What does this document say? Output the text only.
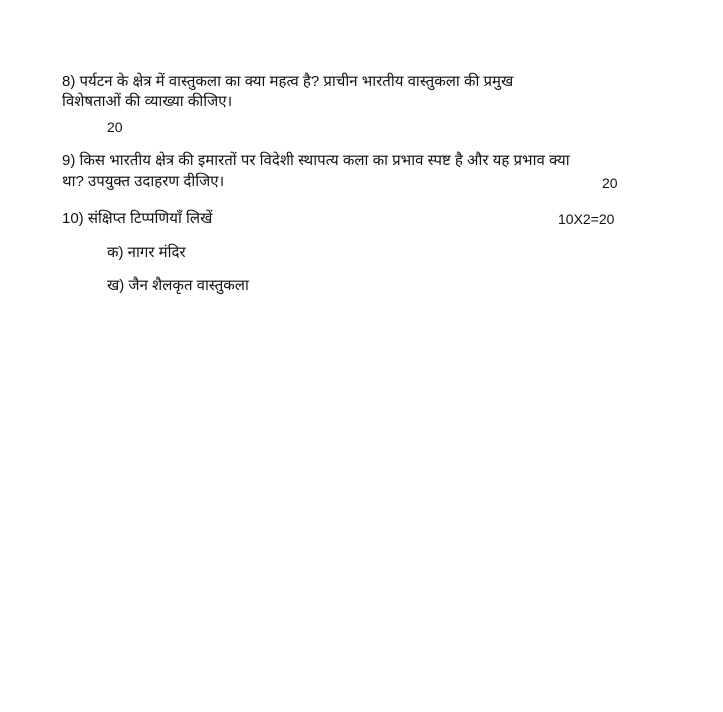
8) पर्यटन के क्षेत्र में वास्तुकला का क्या महत्व है? प्राचीन भारतीय वास्तुकला की प्रमुख
विशेषताओं की व्याख्या कीजिए।
20
9) किस भारतीय क्षेत्र की इमारतों पर विदेशी स्थापत्य कला का प्रभाव स्पष्ट है और यह प्रभाव क्या
था? उपयुक्त उदाहरण दीजिए।	20
10) संक्षिप्त टिप्पणियाँ लिखें	10X2=20
क) नागर मंदिर
ख) जैन शैलकृत वास्तुकला
